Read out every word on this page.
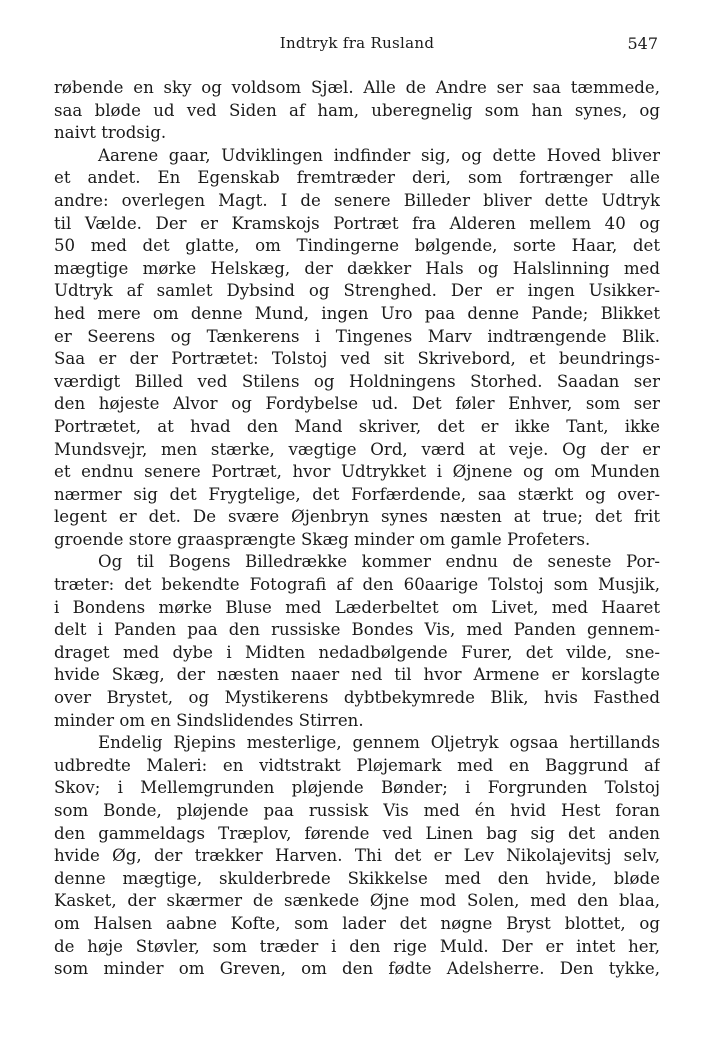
Indtryk fra Rusland	547
røbende en sky og voldsom Sjæl. Alle de Andre ser saa tæmmede,
saa bløde ud ved Siden af ham, uberegnelig som han synes, og
naivt trodsig.
Aarene gaar, Udviklingen indfinder sig, og dette Hoved bliver
et andet. En Egenskab fremtræder deri, som fortrænger alle
andre: overlegen Magt. I de senere Billeder bliver dette Udtryk
til Vælde. Der er Kramskojs Portræt fra Alderen mellem 40 og
50 med det glatte, om Tindingerne bølgende, sorte Haar, det
mægtige mørke Helskæg, der dækker Hals og Halslinning med
Udtryk af samlet Dybsind og Strenghed. Der er ingen Usikker-
hed mere om denne Mund, ingen Uro paa denne Pande; Blikket
er Seerens og Tænkerens i Tingenes Marv indtrængende Blik.
Saa er der Portrætet: Tolstoj ved sit Skrivebord, et beundrings-
værdigt Billed ved Stilens og Holdningens Storhed. Saadan ser
den højeste Alvor og Fordybelse ud. Det føler Enhver, som ser
Portrætet, at hvad den Mand skriver, det er ikke Tant, ikke
Mundsvejr, men stærke, vægtige Ord, værd at veje. Og der er
et endnu senere Portræt, hvor Udtrykket i Øjnene og om Munden
nærmer sig det Frygtelige, det Forfærdende, saa stærkt og over-
legent er det. De svære Øjenbryn synes næsten at true; det frit
groende store graasprængte Skæg minder om gamle Profeters.
Og til Bogens Billedrække kommer endnu de seneste Por-
træter: det bekendte Fotografi af den 60aarige Tolstoj som Musjik,
i Bondens mørke Bluse med Læderbeltet om Livet, med Haaret
delt i Panden paa den russiske Bondes Vis, med Panden gennem-
draget med dybe i Midten nedadbølgende Furer, det vilde, sne-
hvide Skæg, der næsten naaer ned til hvor Armene er korslagte
over Brystet, og Mystikerens dybtbekymrede Blik, hvis Fasthed
minder om en Sindslidendes Stirren.
Endelig Rjepins mesterlige, gennem Oljetryk ogsaa hertillands
udbredte Maleri: en vidtstrakt Pløjemark med en Baggrund af
Skov; i Mellemgrunden pløjende Bønder; i Forgrunden Tolstoj
som Bonde, pløjende paa russisk Vis med én hvid Hest foran
den gammeldags Træplov, førende ved Linen bag sig det anden
hvide Øg, der trækker Harven. Thi det er Lev Nikolajevitsj selv,
denne mægtige, skulderbrede Skikkelse med den hvide, bløde
Kasket, der skærmer de sænkede Øjne mod Solen, med den blaa,
om Halsen aabne Kofte, som lader det nøgne Bryst blottet, og
de høje Støvler, som træder i den rige Muld. Der er intet her,
som minder om Greven, om den fødte Adelsherre. Den tykke,
